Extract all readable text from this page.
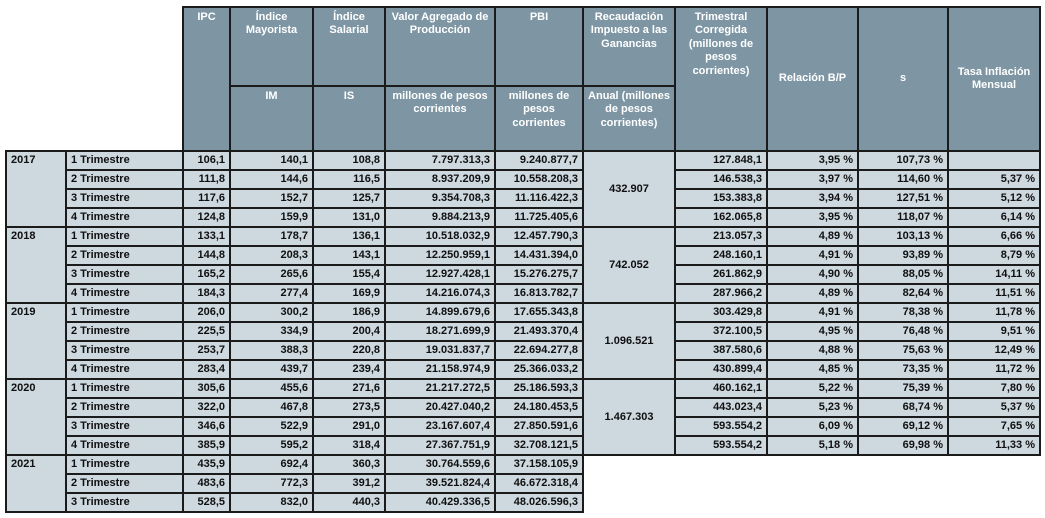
		IPC	Índice Mayorista	Índice Salarial	Valor Agregado de Producción	PBI	Recaudación Impuesto a las Ganancias	Trimestral Corregida (millones de pesos corrientes)	Relación B/P	s	Tasa Inflación Mensual
			IM	IS	millones de pesos corrientes	millones de pesos corrientes	Anual (millones de pesos corrientes)				
2017	1 Trimestre	106,1	140,1	108,8	7.797.313,3	9.240.877,7	432.907	127.848,1	3,95 %	107,73 %	
	2 Trimestre	111,8	144,6	116,5	8.937.209,9	10.558.208,3		146.538,3	3,97 %	114,60 %	5,37 %
	3 Trimestre	117,6	152,7	125,7	9.354.708,3	11.116.422,3		153.383,8	3,94 %	127,51 %	5,12 %
	4 Trimestre	124,8	159,9	131,0	9.884.213,9	11.725.405,6		162.065,8	3,95 %	118,07 %	6,14 %
2018	1 Trimestre	133,1	178,7	136,1	10.518.032,9	12.457.790,3	742.052	213.057,3	4,89 %	103,13 %	6,66 %
	2 Trimestre	144,8	208,3	143,1	12.250.959,1	14.431.394,0		248.160,1	4,91 %	93,89 %	8,79 %
	3 Trimestre	165,2	265,6	155,4	12.927.428,1	15.276.275,7		261.862,9	4,90 %	88,05 %	14,11 %
	4 Trimestre	184,3	277,4	169,9	14.216.074,3	16.813.782,7		287.966,2	4,89 %	82,64 %	11,51 %
2019	1 Trimestre	206,0	300,2	186,9	14.899.679,6	17.655.343,8	1.096.521	303.429,8	4,91 %	78,38 %	11,78 %
	2 Trimestre	225,5	334,9	200,4	18.271.699,9	21.493.370,4		372.100,5	4,95 %	76,48 %	9,51 %
	3 Trimestre	253,7	388,3	220,8	19.031.837,7	22.694.277,8		387.580,6	4,88 %	75,63 %	12,49 %
	4 Trimestre	283,4	439,7	239,4	21.158.974,9	25.366.033,2		430.899,4	4,85 %	73,35 %	11,72 %
2020	1 Trimestre	305,6	455,6	271,6	21.217.272,5	25.186.593,3	1.467.303	460.162,1	5,22 %	75,39 %	7,80 %
	2 Trimestre	322,0	467,8	273,5	20.427.040,2	24.180.453,5		443.023,4	5,23 %	68,74 %	5,37 %
	3 Trimestre	346,6	522,9	291,0	23.167.607,4	27.850.591,6		593.554,2	6,09 %	69,12 %	7,65 %
	4 Trimestre	385,9	595,2	318,4	27.367.751,9	32.708.121,5		593.554,2	5,18 %	69,98 %	11,33 %
2021	1 Trimestre	435,9	692,4	360,3	30.764.559,6	37.158.105,9					
	2 Trimestre	483,6	772,3	391,2	39.521.824,4	46.672.318,4					
	3 Trimestre	528,5	832,0	440,3	40.429.336,5	48.026.596,3					
